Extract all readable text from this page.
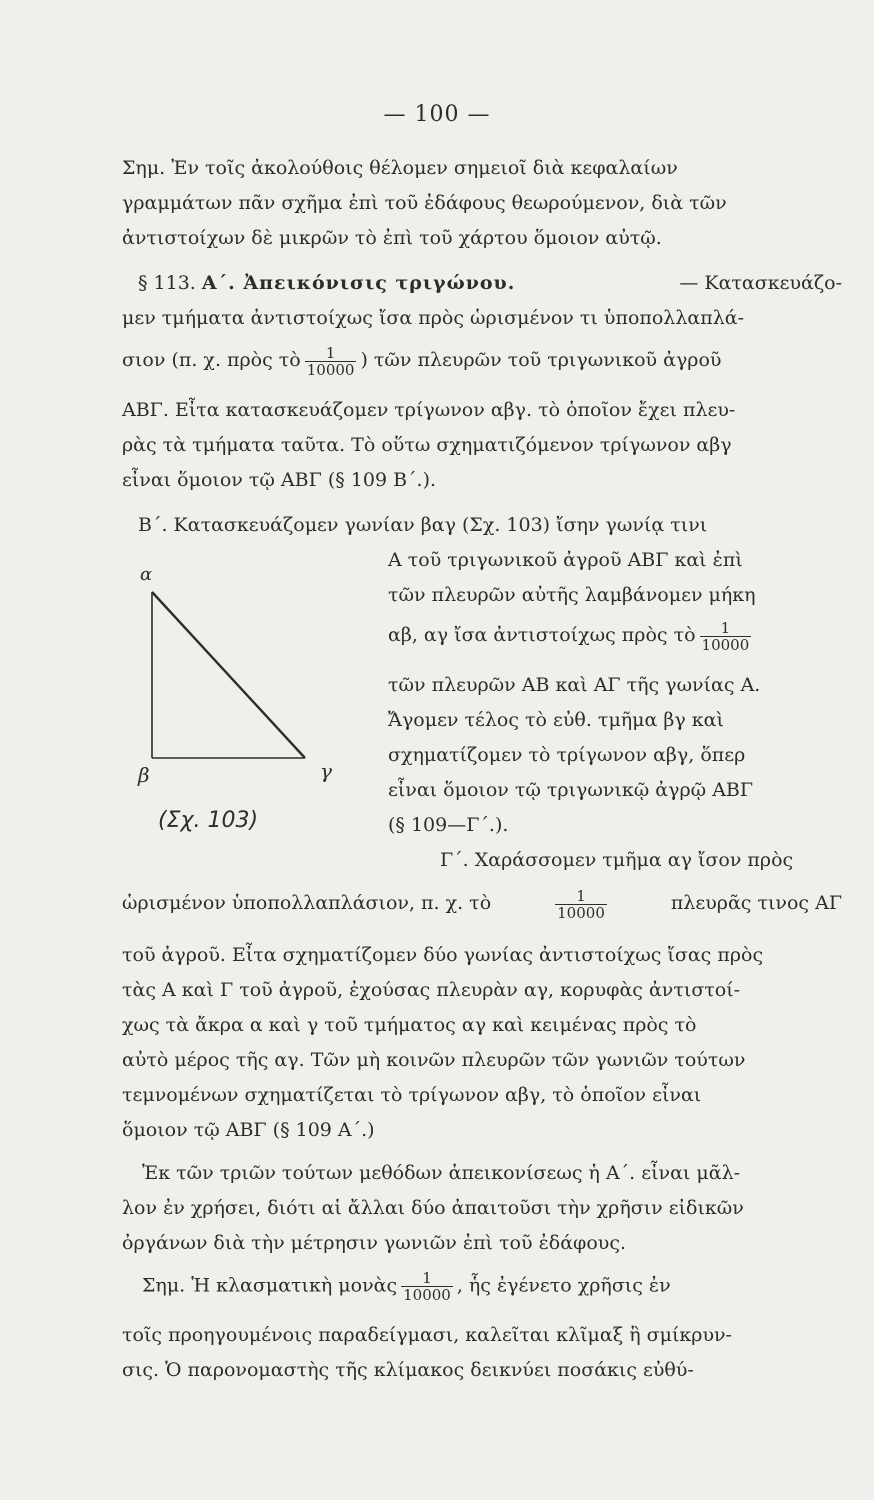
— 100 —
Σημ. Ἐν τοῖς ἀκολούθοις θέλομεν σημειοῖ διὰ κεφαλαίων
γραμμάτων πᾶν σχῆμα ἐπὶ τοῦ ἐδάφους θεωρούμενον, διὰ τῶν
ἀντιστοίχων δὲ μικρῶν τὸ ἐπὶ τοῦ χάρτου ὅμοιον αὐτῷ.
§ 113.
Α΄. Ἀπεικόνισις τριγώνου.
	— Κατασκευάζο-
μεν τμήματα ἀντιστοίχως ἴσα πρὸς ὡρισμένον τι ὑποπολλαπλά-
σιον (π. χ. πρὸς τὸ $\frac{1}{10000}$ ) τῶν πλευρῶν τοῦ τριγωνικοῦ ἀγροῦ
ΑΒΓ. Εἶτα κατασκευάζομεν τρίγωνον αβγ. τὸ ὁποῖον ἔχει πλευ-
ρὰς τὰ τμήματα ταῦτα. Τὸ οὕτω σχηματιζόμενον τρίγωνον αβγ
εἶναι ὅμοιον τῷ ΑΒΓ (§ 109 Β΄.).
Β΄. Κατασκευάζομεν γωνίαν βαγ (Σχ. 103) ἴσην γωνίᾳ τινι
Α τοῦ τριγωνικοῦ ἀγροῦ ΑΒΓ καὶ ἐπὶ
τῶν πλευρῶν αὐτῆς λαμβάνομεν μήκη
αβ, αγ ἴσα ἀντιστοίχως πρὸς τὸ $\frac{1}{10000}$
τῶν πλευρῶν ΑΒ καὶ ΑΓ τῆς γωνίας Α.
Ἄγομεν τέλος τὸ εὐθ. τμῆμα βγ καὶ
σχηματίζομεν τὸ τρίγωνον αβγ, ὅπερ
εἶναι ὅμοιον τῷ τριγωνικῷ ἀγρῷ ΑΒΓ
(§ 109—Γ΄.).
α
β	γ
(Σχ. 103)
Γ΄. Χαράσσομεν τμῆμα αγ ἴσον πρὸς
ὡρισμένον ὑποπολλαπλάσιον, π. χ. τὸ	$\frac{1}{10000}$	πλευρᾶς τινος ΑΓ
τοῦ ἀγροῦ. Εἶτα σχηματίζομεν δύο γωνίας ἀντιστοίχως ἴσας πρὸς
τὰς Α καὶ Γ τοῦ ἀγροῦ, ἐχούσας πλευρὰν αγ, κορυφὰς ἀντιστοί-
χως τὰ ἄκρα α καὶ γ τοῦ τμήματος αγ καὶ κειμένας πρὸς τὸ
αὐτὸ μέρος τῆς αγ. Τῶν μὴ κοινῶν πλευρῶν τῶν γωνιῶν τούτων
τεμνομένων σχηματίζεται τὸ τρίγωνον αβγ, τὸ ὁποῖον εἶναι
ὅμοιον τῷ ΑΒΓ (§ 109 Α΄.)
Ἐκ τῶν τριῶν τούτων μεθόδων ἀπεικονίσεως ἡ Α΄. εἶναι μᾶλ-
λον ἐν χρήσει, διότι αἱ ἄλλαι δύο ἀπαιτοῦσι τὴν χρῆσιν εἰδικῶν
ὀργάνων διὰ τὴν μέτρησιν γωνιῶν ἐπὶ τοῦ ἐδάφους.
Σημ. Ἡ κλασματικὴ μονὰς $\frac{1}{10000}$ , ἧς ἐγένετο χρῆσις ἐν
τοῖς προηγουμένοις παραδείγμασι, καλεῖται κλῖμαξ ἢ σμίκρυν-
σις. Ὁ παρονομαστὴς τῆς κλίμακος δεικνύει ποσάκις εὐθύ-
